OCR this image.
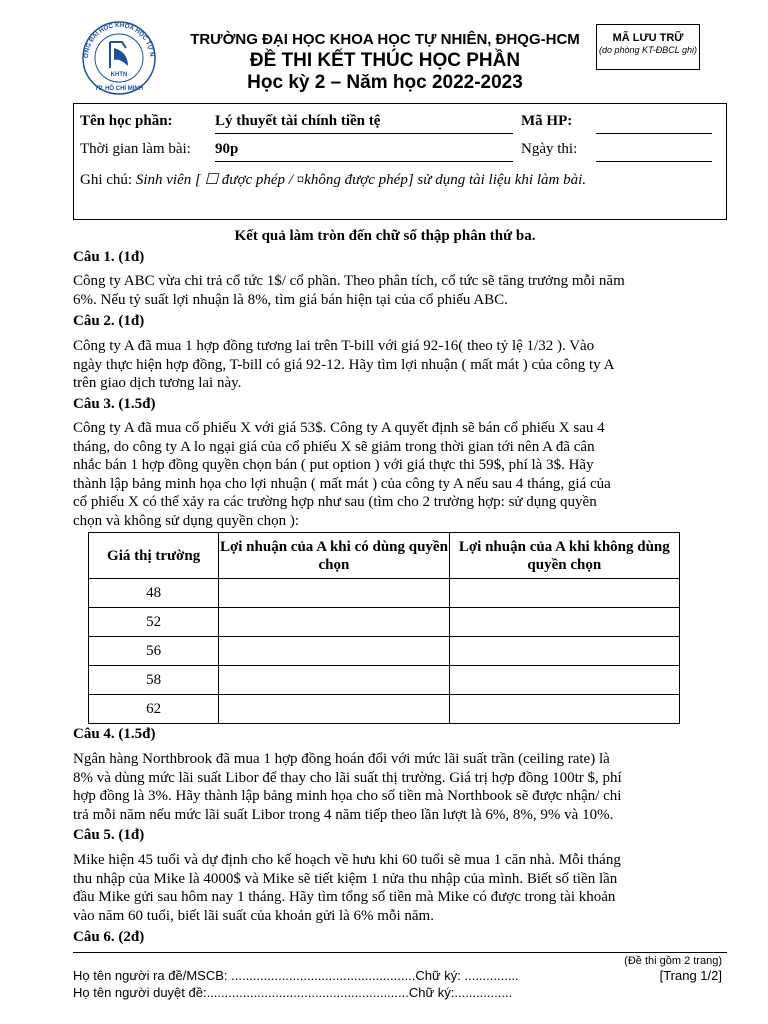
ỜNG ĐẠI HỌC KHOA HỌC TỰ N
KHTN
TP. HỒ CHÍ MINH
TRƯỜNG ĐẠI HỌC KHOA HỌC TỰ NHIÊN, ĐHQG-HCM
ĐỀ THI KẾT THÚC HỌC PHẦN
Học kỳ 2 – Năm học 2022-2023
MÃ LƯU TRỮ
(do phòng KT-ĐBCL ghi)
Tên học phần:	Lý thuyết tài chính tiền tệ	Mã HP:
Thời gian làm bài: 90p	Ngày thi:
Ghi chú: Sinh viên [ ☐ được phép / ¤không được phép] sử dụng tài liệu khi làm bài.
Kết quả làm tròn đến chữ số thập phân thứ ba.
Câu 1. (1đ)
Công ty ABC vừa chi trả cổ tức 1$/ cổ phần. Theo phân tích, cổ tức sẽ tăng trưởng mỗi năm
6%. Nếu tỷ suất lợi nhuận là 8%, tìm giá bán hiện tại của cổ phiếu ABC.
Câu 2. (1đ)
Công ty A đã mua 1 hợp đồng tương lai trên T-bill với giá 92-16( theo tỷ lệ 1/32 ). Vào
ngày thực hiện hợp đồng, T-bill có giá 92-12. Hãy tìm lợi nhuận ( mất mát ) của công ty A
trên giao dịch tương lai này.
Câu 3. (1.5đ)
Công ty A đã mua cổ phiếu X với giá 53$. Công ty A quyết định sẽ bán cổ phiếu X sau 4
tháng, do công ty A lo ngại giá của cổ phiếu X sẽ giảm trong thời gian tới nên A đã cân
nhắc bán 1 hợp đồng quyền chọn bán ( put option ) với giá thực thi 59$, phí là 3$. Hãy
thành lập bảng minh họa cho lợi nhuận ( mất mát ) của công ty A nếu sau 4 tháng, giá của
cổ phiếu X có thể xảy ra các trường hợp như sau (tìm cho 2 trường hợp: sử dụng quyền
chọn và không sử dụng quyền chọn ):
Giá thị trường	Lợi nhuận của A khi có dùng quyền chọn	Lợi nhuận của A khi không dùng quyền chọn
48		
52		
56		
58		
62		
Câu 4. (1.5đ)
Ngân hàng Northbrook đã mua 1 hợp đồng hoán đổi với mức lãi suất trần (ceiling rate) là
8% và dùng mức lãi suất Libor để thay cho lãi suất thị trường. Giá trị hợp đồng 100tr $, phí
hợp đồng là 3%. Hãy thành lập bảng minh họa cho số tiền mà Northbook sẽ được nhận/ chi
trả mỗi năm nếu mức lãi suất Libor trong 4 năm tiếp theo lần lượt là 6%, 8%, 9% và 10%.
Câu 5. (1đ)
Mike hiện 45 tuổi và dự định cho kế hoạch về hưu khi 60 tuổi sẽ mua 1 căn nhà. Mỗi tháng
thu nhập của Mike là 4000$ và Mike sẽ tiết kiệm 1 nửa thu nhập của mình. Biết số tiền lần
đầu Mike gửi sau hôm nay 1 tháng. Hãy tìm tổng số tiền mà Mike có được trong tài khoản
vào năm 60 tuổi, biết lãi suất của khoản gửi là 6% mỗi năm.
Câu 6. (2đ)
(Đề thi gồm 2 trang)
Họ tên người ra đề/MSCB: ...................................................Chữ ký: ...............	[Trang 1/2]
Họ tên người duyệt đề:........................................................Chữ ký:................
